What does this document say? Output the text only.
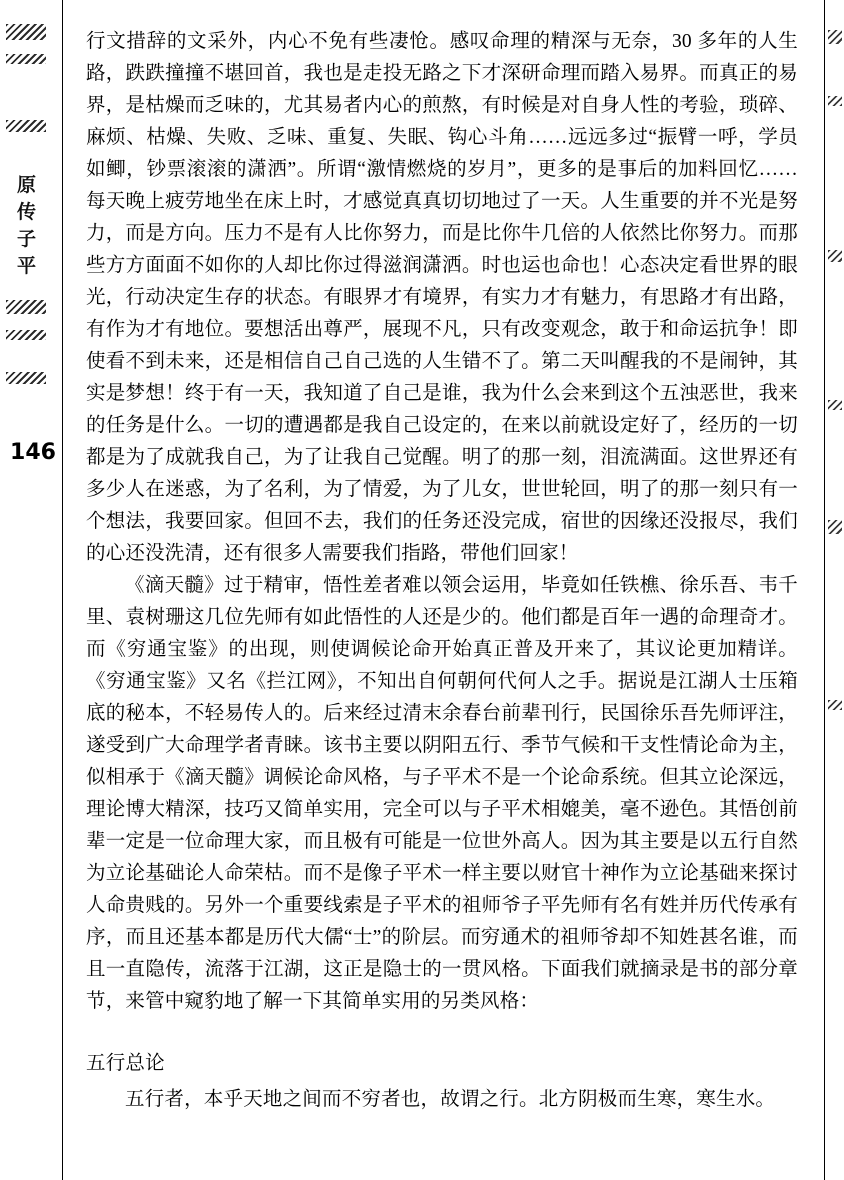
原
传
子
平
146

行文措辞的文采外，内心不免有些凄怆。感叹命理的精深与无奈，30 多年的人生路，跌跌撞撞不堪回首，我也是走投无路之下才深研命理而踏入易界。而真正的易界，是枯燥而乏味的，尤其易者内心的煎熬，有时候是对自身人性的考验，琐碎、麻烦、枯燥、失败、乏味、重复、失眠、钩心斗角……远远多过“振臂一呼，学员如鲫，钞票滚滚的潇洒”。所谓“激情燃烧的岁月”，更多的是事后的加料回忆……每天晚上疲劳地坐在床上时，才感觉真真切切地过了一天。人生重要的并不光是努力，而是方向。压力不是有人比你努力，而是比你牛几倍的人依然比你努力。而那些方方面面不如你的人却比你过得滋润潇洒。时也运也命也！心态决定看世界的眼光，行动决定生存的状态。有眼界才有境界，有实力才有魅力，有思路才有出路，有作为才有地位。要想活出尊严，展现不凡，只有改变观念，敢于和命运抗争！即使看不到未来，还是相信自己自己选的人生错不了。第二天叫醒我的不是闹钟，其实是梦想！终于有一天，我知道了自己是谁，我为什么会来到这个五浊恶世，我来的任务是什么。一切的遭遇都是我自己设定的，在来以前就设定好了，经历的一切都是为了成就我自己，为了让我自己觉醒。明了的那一刻，泪流满面。这世界还有多少人在迷惑，为了名利，为了情爱，为了儿女，世世轮回，明了的那一刻只有一个想法，我要回家。但回不去，我们的任务还没完成，宿世的因缘还没报尽，我们的心还没洗清，还有很多人需要我们指路，带他们回家！

《滴天髓》过于精审，悟性差者难以领会运用，毕竟如任铁樵、徐乐吾、韦千里、袁树珊这几位先师有如此悟性的人还是少的。他们都是百年一遇的命理奇才。而《穷通宝鉴》的出现，则使调候论命开始真正普及开来了，其议论更加精详。《穷通宝鉴》又名《拦江网》，不知出自何朝何代何人之手。据说是江湖人士压箱底的秘本，不轻易传人的。后来经过清末余春台前辈刊行，民国徐乐吾先师评注，遂受到广大命理学者青睐。该书主要以阴阳五行、季节气候和干支性情论命为主，似相承于《滴天髓》调候论命风格，与子平术不是一个论命系统。但其立论深远，理论博大精深，技巧又简单实用，完全可以与子平术相媲美，毫不逊色。其悟创前辈一定是一位命理大家，而且极有可能是一位世外高人。因为其主要是以五行自然为立论基础论人命荣枯。而不是像子平术一样主要以财官十神作为立论基础来探讨人命贵贱的。另外一个重要线索是子平术的祖师爷子平先师有名有姓并历代传承有序，而且还基本都是历代大儒“士”的阶层。而穷通术的祖师爷却不知姓甚名谁，而且一直隐传，流落于江湖，这正是隐士的一贯风格。下面我们就摘录是书的部分章节，来管中窥豹地了解一下其简单实用的另类风格：

五行总论

五行者，本乎天地之间而不穷者也，故谓之行。北方阴极而生寒，寒生水。
